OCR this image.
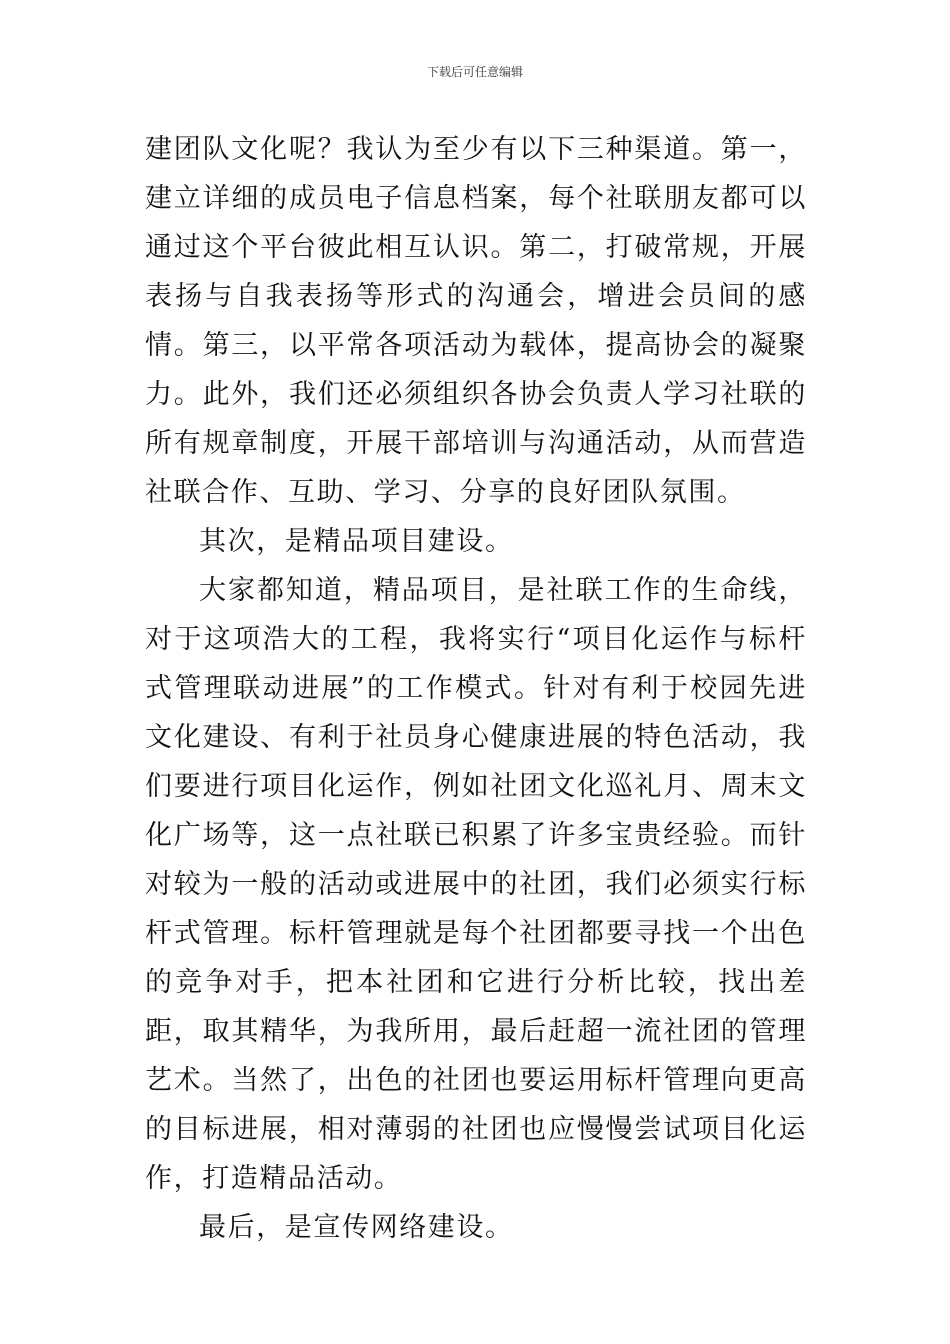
下载后可任意编辑

建团队文化呢？我认为至少有以下三种渠道。第一，建立详细的成员电子信息档案，每个社联朋友都可以通过这个平台彼此相互认识。第二，打破常规，开展表扬与自我表扬等形式的沟通会，增进会员间的感情。第三，以平常各项活动为载体，提高协会的凝聚力。此外，我们还必须组织各协会负责人学习社联的所有规章制度，开展干部培训与沟通活动，从而营造社联合作、互助、学习、分享的良好团队氛围。

其次，是精品项目建设。

大家都知道，精品项目，是社联工作的生命线，对于这项浩大的工程，我将实行“项目化运作与标杆式管理联动进展”的工作模式。针对有利于校园先进文化建设、有利于社员身心健康进展的特色活动，我们要进行项目化运作，例如社团文化巡礼月、周末文化广场等，这一点社联已积累了许多宝贵经验。而针对较为一般的活动或进展中的社团，我们必须实行标杆式管理。标杆管理就是每个社团都要寻找一个出色的竞争对手，把本社团和它进行分析比较，找出差距，取其精华，为我所用，最后赶超一流社团的管理艺术。当然了，出色的社团也要运用标杆管理向更高的目标进展，相对薄弱的社团也应慢慢尝试项目化运作，打造精品活动。

最后，是宣传网络建设。
